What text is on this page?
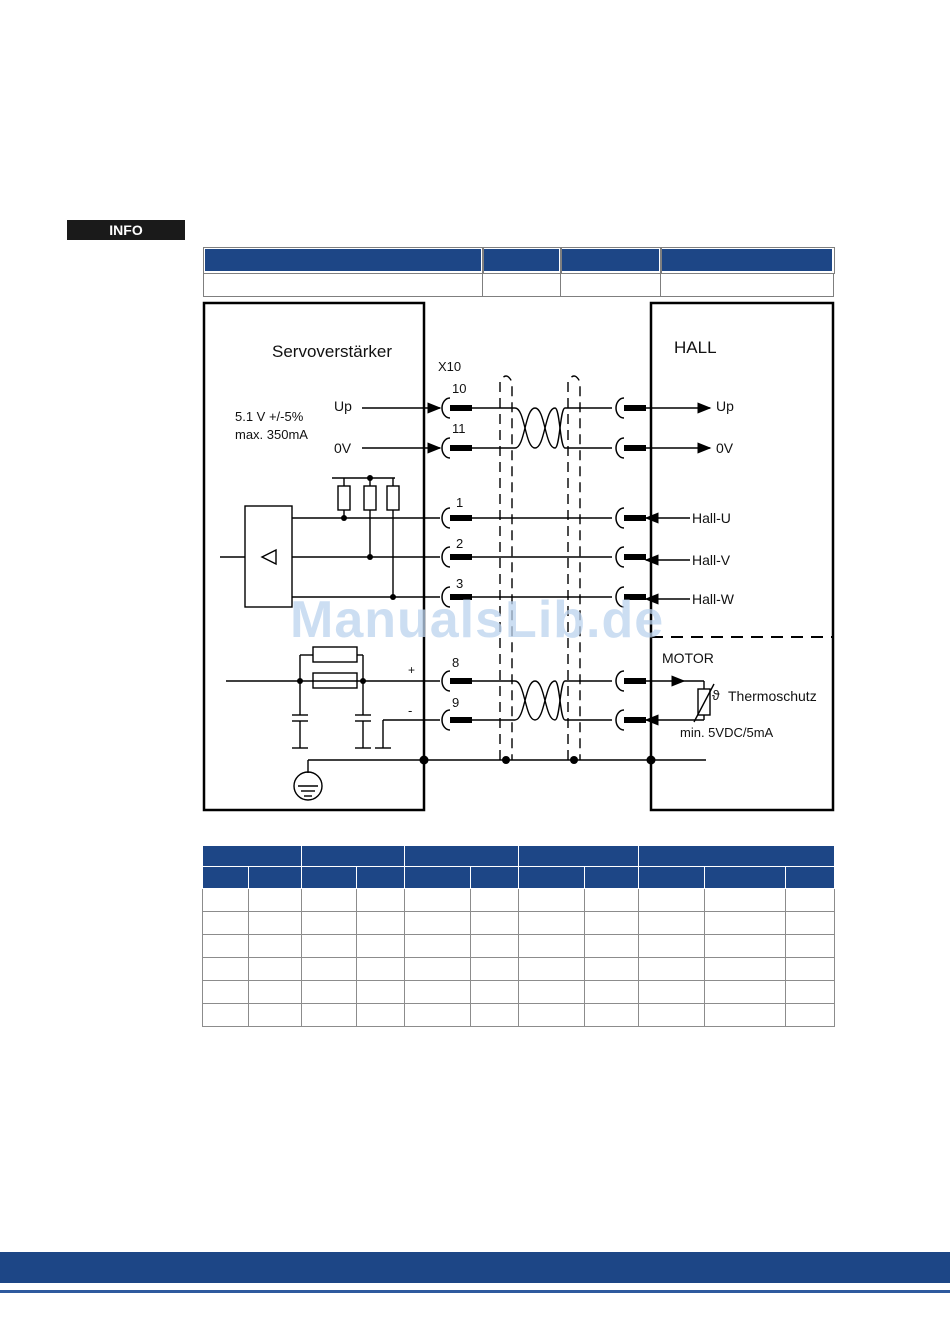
INFO

Servoverstärker	HALL
X10
5.1 V +/-5%
max. 350mA
Up
0V
10
11
1
2
3
8
9
Up
0V
Hall-U
Hall-V
Hall-W
MOTOR
ϑ Thermoschutz
min. 5VDC/5mA
+
-
ManualsLib.de
